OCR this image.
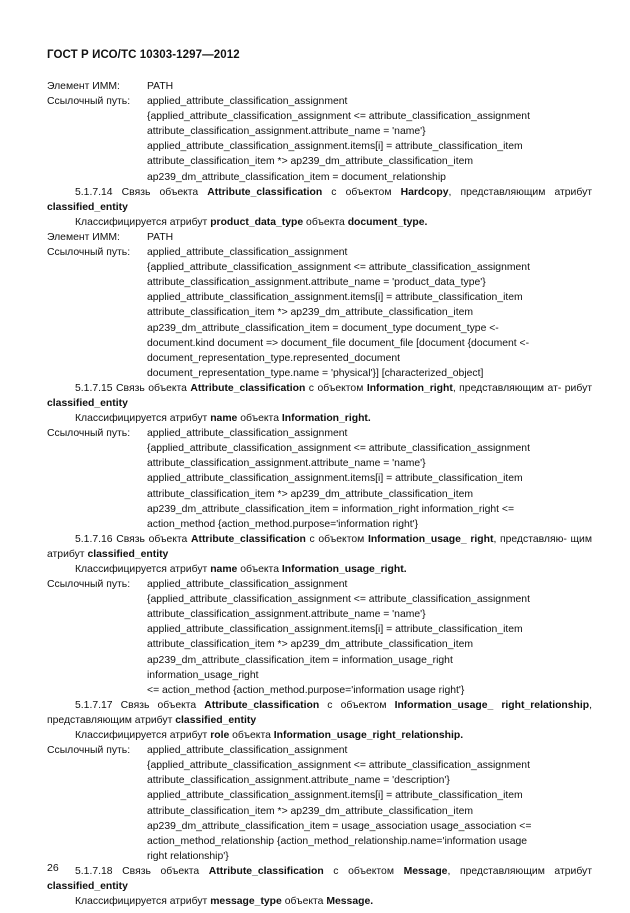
ГОСТ Р ИСО/ТС 10303-1297—2012
Элемент ИММ:	PATH
Ссылочный путь:	applied_attribute_classification_assignment
{applied_attribute_classification_assignment <= attribute_classification_assignment
attribute_classification_assignment.attribute_name = 'name'}
applied_attribute_classification_assignment.items[i] = attribute_classification_item
attribute_classification_item *> ap239_dm_attribute_classification_item
ap239_dm_attribute_classification_item = document_relationship
5.1.7.14 Связь объекта Attribute_classification с объектом Hardcopy, представляющим атрибут classified_entity
Классифицируется атрибут product_data_type объекта document_type.
Элемент ИММ:	PATH
Ссылочный путь:	applied_attribute_classification_assignment
{applied_attribute_classification_assignment <= attribute_classification_assignment
attribute_classification_assignment.attribute_name = 'product_data_type'}
applied_attribute_classification_assignment.items[i] = attribute_classification_item
attribute_classification_item *> ap239_dm_attribute_classification_item
ap239_dm_attribute_classification_item = document_type document_type <-
document.kind document => document_file document_file [document {document <-
document_representation_type.represented_document
document_representation_type.name = 'physical'}] [characterized_object]
5.1.7.15 Связь объекта Attribute_classification с объектом Information_right, представляющим ат- рибут classified_entity
Классифицируется атрибут name объекта Information_right.
Ссылочный путь:	applied_attribute_classification_assignment
{applied_attribute_classification_assignment <= attribute_classification_assignment
attribute_classification_assignment.attribute_name = 'name'}
applied_attribute_classification_assignment.items[i] = attribute_classification_item
attribute_classification_item *> ap239_dm_attribute_classification_item
ap239_dm_attribute_classification_item = information_right information_right <=
action_method {action_method.purpose='information right'}
5.1.7.16 Связь объекта Attribute_classification с объектом Information_usage_ right, представляю- щим атрибут classified_entity
Классифицируется атрибут name объекта Information_usage_right.
Ссылочный путь:	applied_attribute_classification_assignment
{applied_attribute_classification_assignment <= attribute_classification_assignment
attribute_classification_assignment.attribute_name = 'name'}
applied_attribute_classification_assignment.items[i] = attribute_classification_item
attribute_classification_item *> ap239_dm_attribute_classification_item
ap239_dm_attribute_classification_item = information_usage_right
information_usage_right
<= action_method {action_method.purpose='information usage right'}
5.1.7.17 Связь объекта Attribute_classification с объектом Information_usage_ right_relationship, представляющим атрибут classified_entity
Классифицируется атрибут role объекта Information_usage_right_relationship.
Ссылочный путь:	applied_attribute_classification_assignment
{applied_attribute_classification_assignment <= attribute_classification_assignment
attribute_classification_assignment.attribute_name = 'description'}
applied_attribute_classification_assignment.items[i] = attribute_classification_item
attribute_classification_item *> ap239_dm_attribute_classification_item
ap239_dm_attribute_classification_item = usage_association usage_association <=
action_method_relationship {action_method_relationship.name='information usage
right relationship'}
5.1.7.18 Связь объекта Attribute_classification с объектом Message, представляющим атрибут classified_entity
Классифицируется атрибут message_type объекта Message.
26
